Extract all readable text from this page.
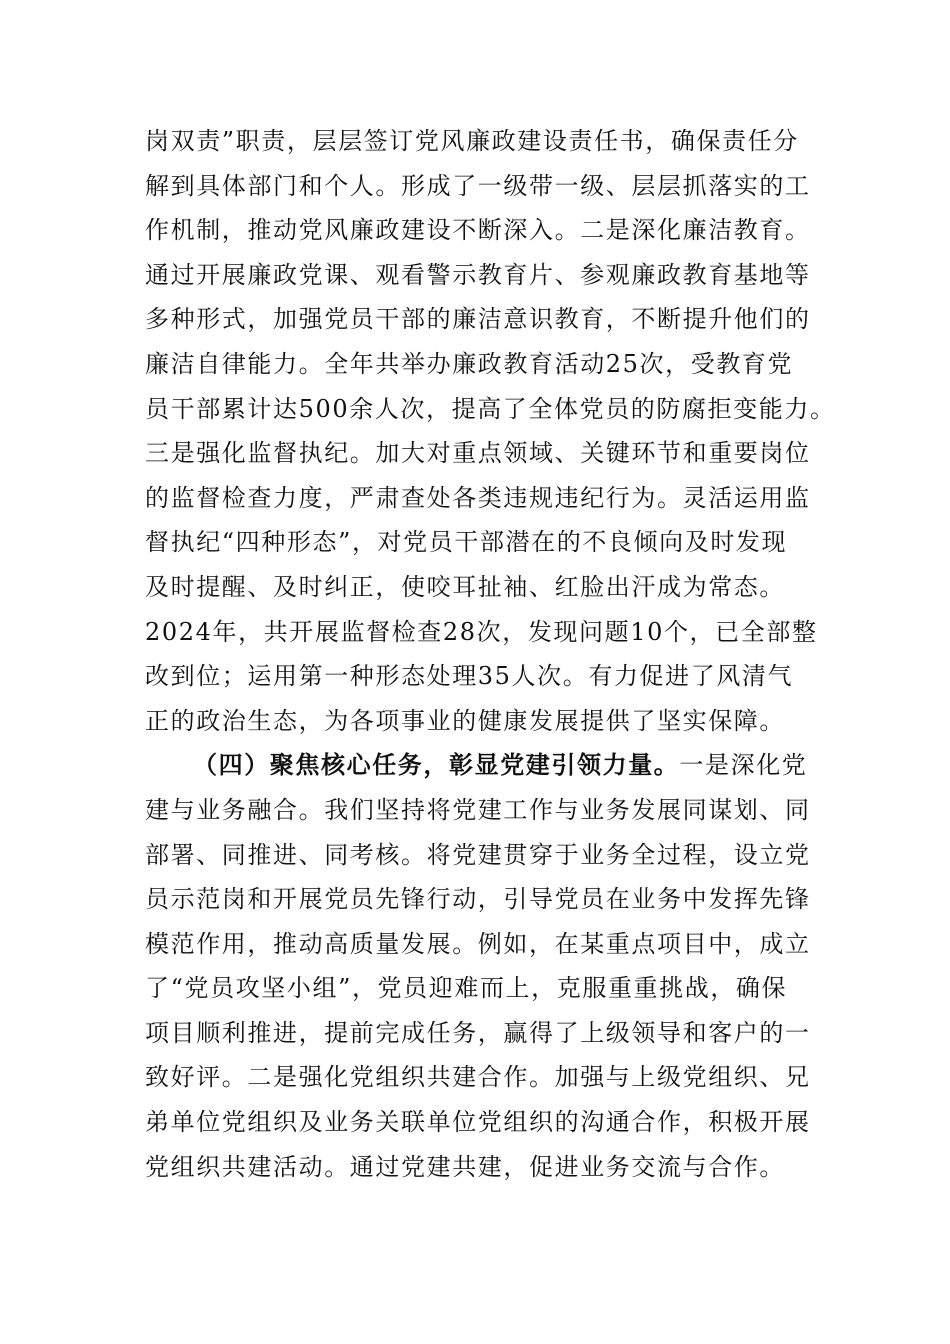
岗双责”职责，层层签订党风廉政建设责任书，确保责任分
解到具体部门和个人。形成了一级带一级、层层抓落实的工
作机制，推动党风廉政建设不断深入。二是深化廉洁教育。
通过开展廉政党课、观看警示教育片、参观廉政教育基地等
多种形式，加强党员干部的廉洁意识教育，不断提升他们的
廉洁自律能力。全年共举办廉政教育活动25次，受教育党
员干部累计达500余人次，提高了全体党员的防腐拒变能力。
三是强化监督执纪。加大对重点领域、关键环节和重要岗位
的监督检查力度，严肃查处各类违规违纪行为。灵活运用监
督执纪“四种形态”，对党员干部潜在的不良倾向及时发现
及时提醒、及时纠正，使咬耳扯袖、红脸出汗成为常态。
2024年，共开展监督检查28次，发现问题10个，已全部整
改到位；运用第一种形态处理35人次。有力促进了风清气
正的政治生态，为各项事业的健康发展提供了坚实保障。
（四）聚焦核心任务，彰显党建引领力量。一是深化党
建与业务融合。我们坚持将党建工作与业务发展同谋划、同
部署、同推进、同考核。将党建贯穿于业务全过程，设立党
员示范岗和开展党员先锋行动，引导党员在业务中发挥先锋
模范作用，推动高质量发展。例如，在某重点项目中，成立
了“党员攻坚小组”，党员迎难而上，克服重重挑战，确保
项目顺利推进，提前完成任务，赢得了上级领导和客户的一
致好评。二是强化党组织共建合作。加强与上级党组织、兄
弟单位党组织及业务关联单位党组织的沟通合作，积极开展
党组织共建活动。通过党建共建，促进业务交流与合作。
